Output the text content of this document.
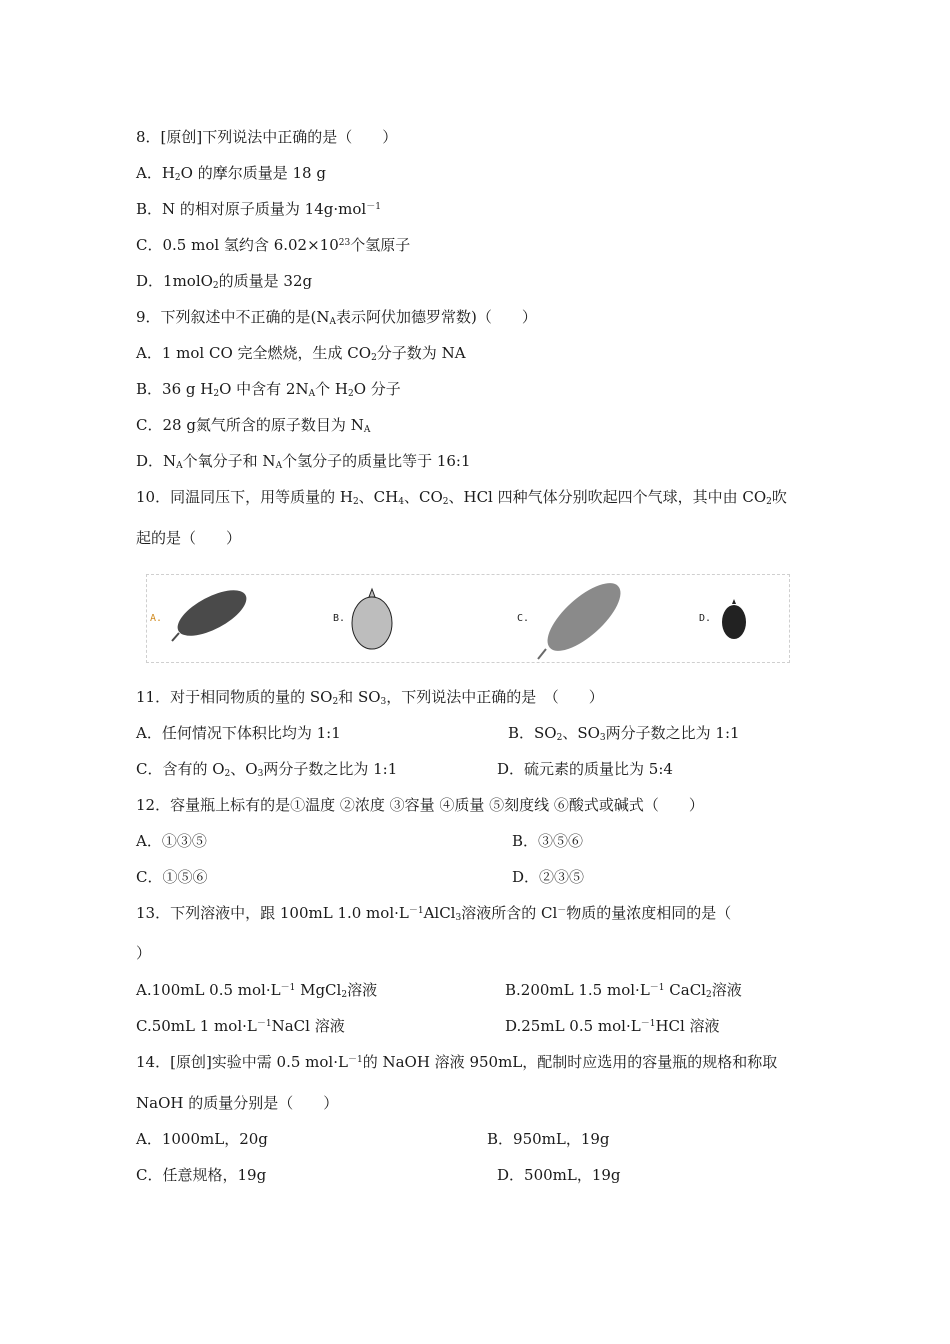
8．[原创]下列说法中正确的是（　　）
A．$H_2O$ 的摩尔质量是 18 g
B．N 的相对原子质量为 14g·mol$^{-1}$
C．0.5 mol 氢约含 $6.02\times 10^{23}$个氢原子
D．1molO$_2$的质量是 32g
9．下列叙述中不正确的是($N_A$表示阿伏加德罗常数)（　　）
A．1 mol CO 完全燃烧，生成 $CO_2$分子数为 NA
B．36 g $H_2O$ 中含有 $2N_A$个 $H_2O$ 分子
C．28 g氮气所含的原子数目为 $N_A$
D．$N_A$个氧分子和 $N_A$个氢分子的质量比等于 16:1
10．同温同压下，用等质量的 $H_2$、$CH_4$、$CO_2$、HCl 四种气体分别吹起四个气球，其中由 $CO_2$吹
起的是（　　）
A.	B.	C.	D.
11．对于相同物质的量的 $SO_2$和 $SO_3$，下列说法中正确的是　（　　）
A．任何情况下体积比均为 1:1	B．$SO_2$、$SO_3$两分子数之比为 1:1
C．含有的 $O_2$、$O_3$两分子数之比为 1:1	D．硫元素的质量比为 5:4
12．容量瓶上标有的是①温度 ②浓度 ③容量 ④质量 ⑤刻度线 ⑥酸式或碱式（　　）
A．①③⑤	B．③⑤⑥
C．①⑤⑥	D．②③⑤
13．下列溶液中，跟 100mL 1.0 $mol\cdot L^{-1}AlCl_3$溶液所含的 Cl－物质的量浓度相同的是（
）
A.100mL 0.5 $mol\cdot L^{-1}$ MgCl$_2$溶液	B.200mL 1.5 $mol\cdot L^{-1}$ CaCl$_2$溶液
C.50mL 1 $mol\cdot L^{-1}NaCl$ 溶液	D.25mL 0.5 $mol\cdot L^{-1}HCl$ 溶液
14．[原创]实验中需 0.5 $mol\cdot L^{-1}$的 NaOH 溶液 950mL，配制时应选用的容量瓶的规格和称取
NaOH 的质量分别是（　　）
A．1000mL，20g	B．950mL，19g
C．任意规格，19g	D．500mL，19g
